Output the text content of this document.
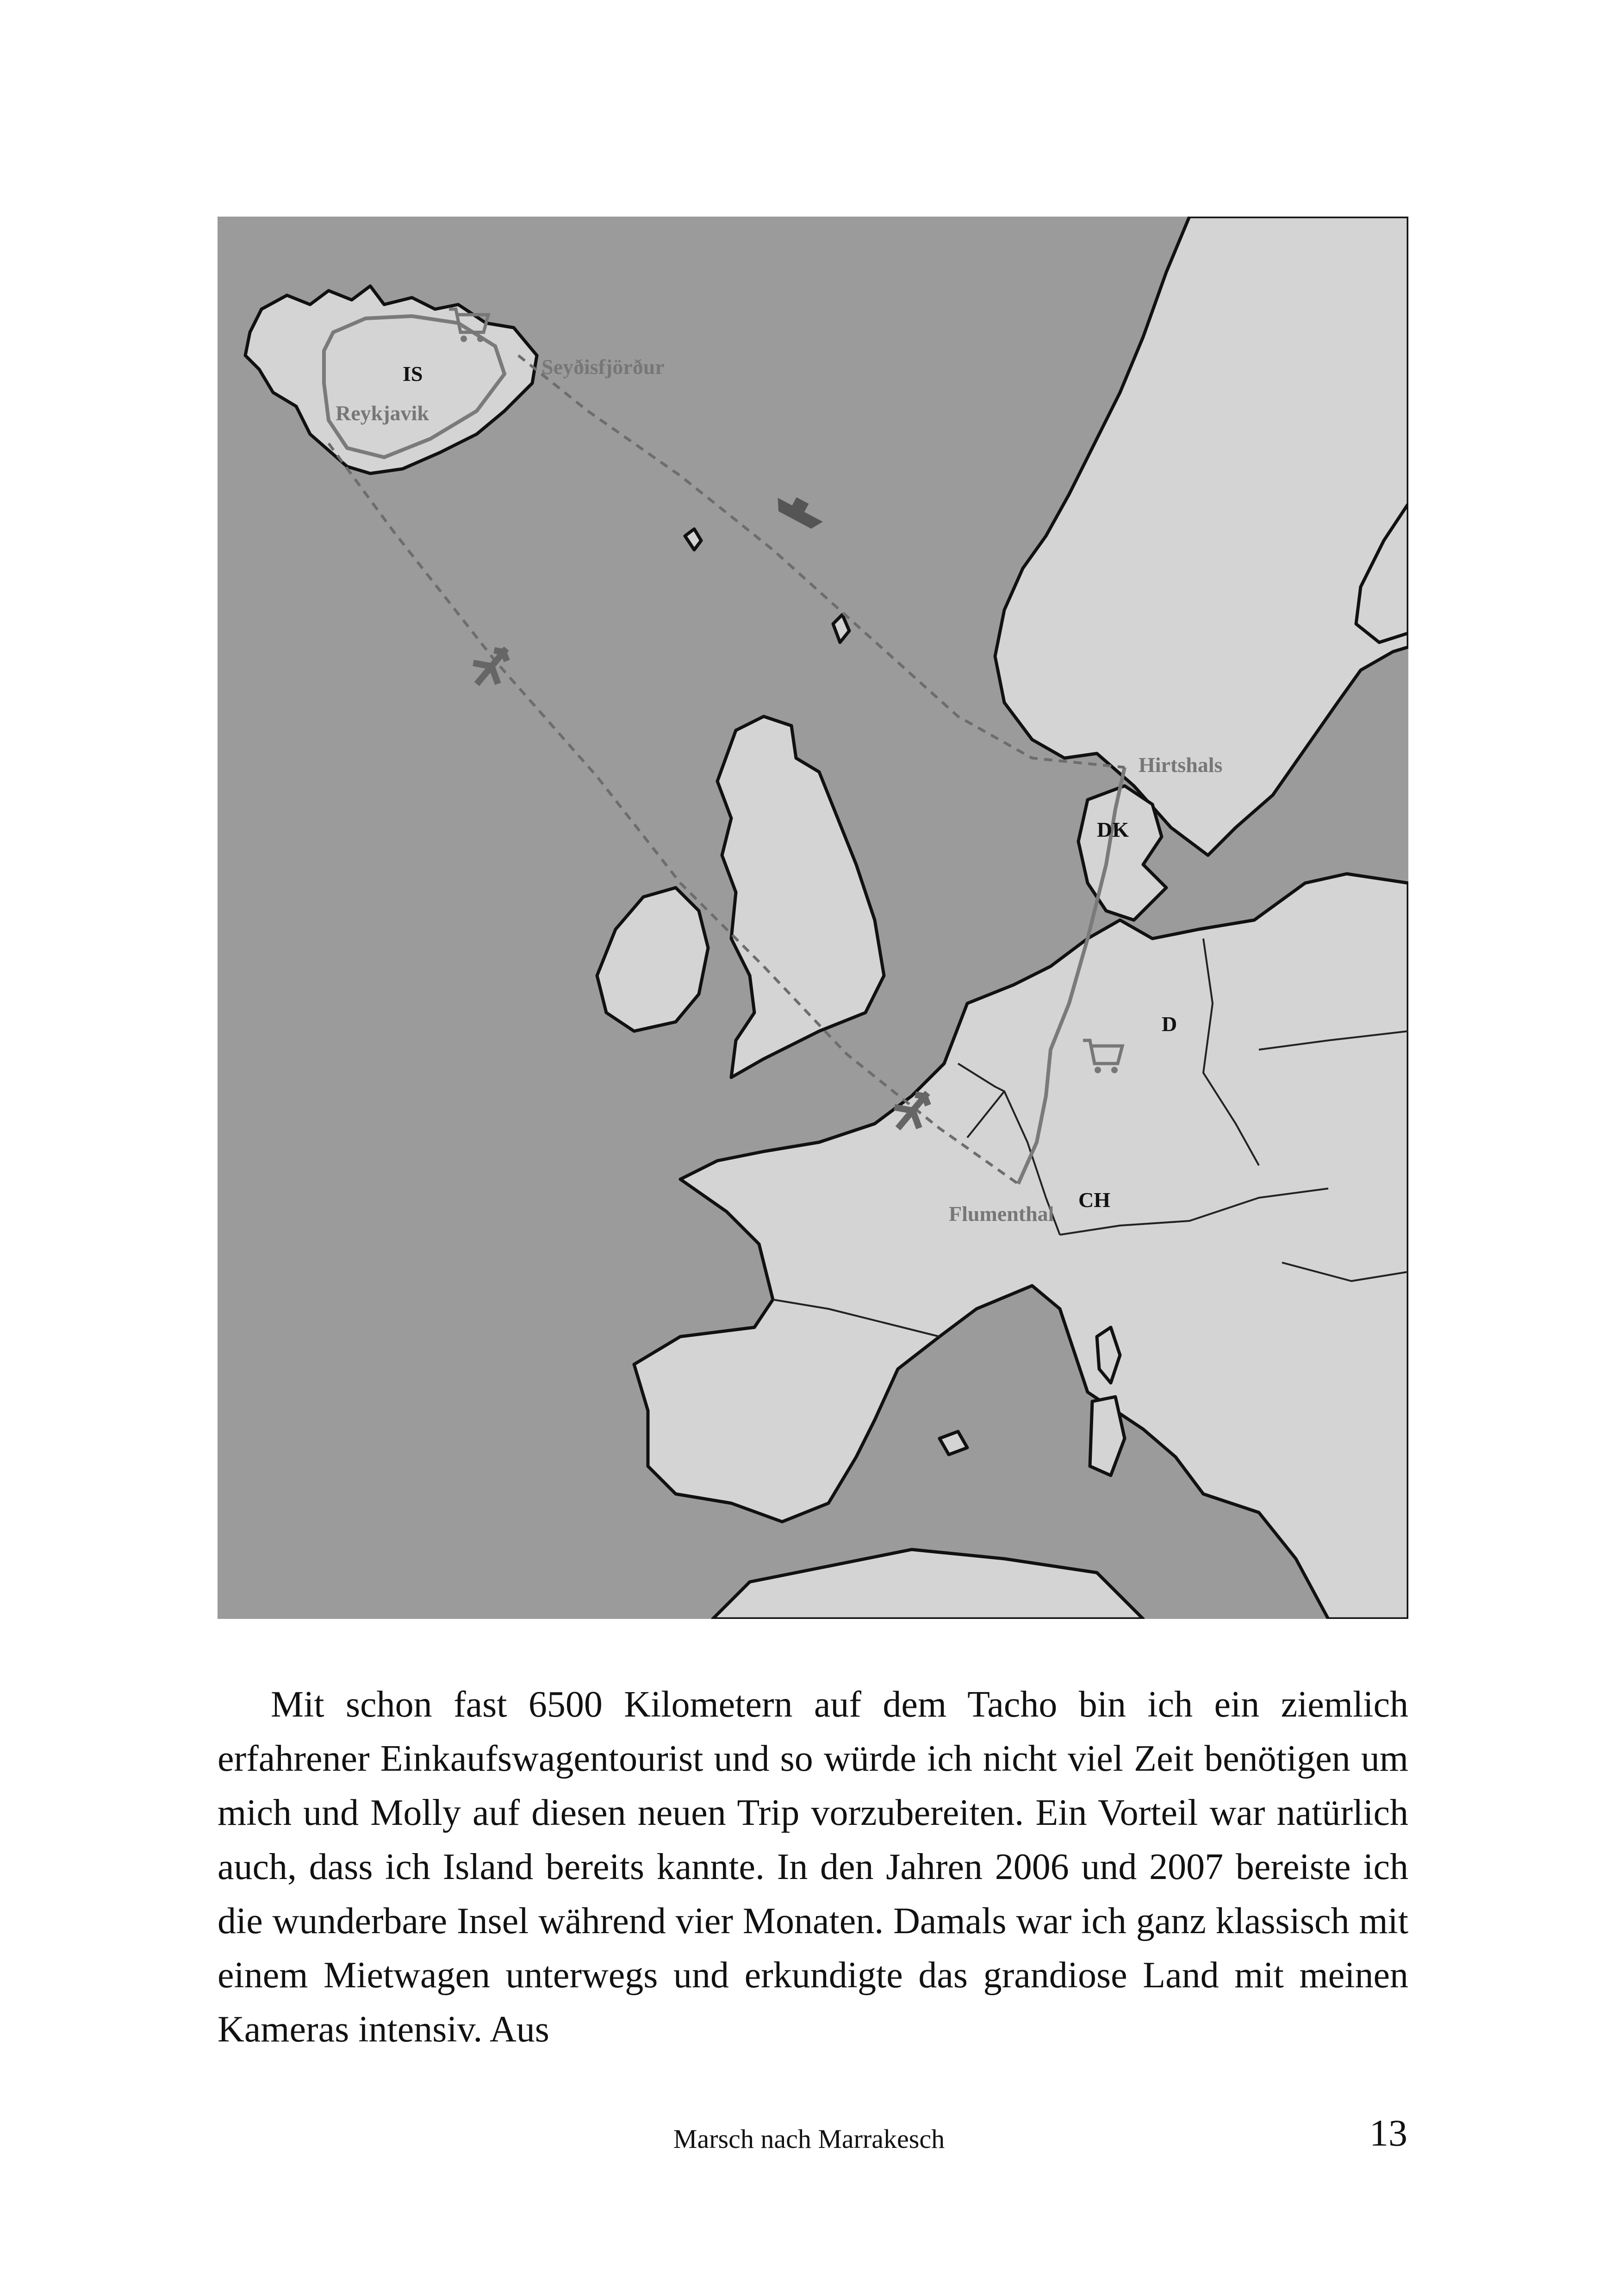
IS
Reykjavik
Seyðisfjörður
Hirtshals
DK
D
CH
Flumenthal

Mit schon fast 6500 Kilometern auf dem Tacho bin ich ein ziemlich erfahrener Einkaufswagentourist und so würde ich nicht viel Zeit benötigen um mich und Molly auf diesen neuen Trip vorzubereiten. Ein Vorteil war natürlich auch, dass ich Island bereits kannte. In den Jahren 2006 und 2007 bereiste ich die wunderbare Insel während vier Monaten. Damals war ich ganz klassisch mit einem Mietwagen unterwegs und erkundigte das grandiose Land mit meinen Kameras intensiv. Aus

Marsch nach Marrakesch	13
